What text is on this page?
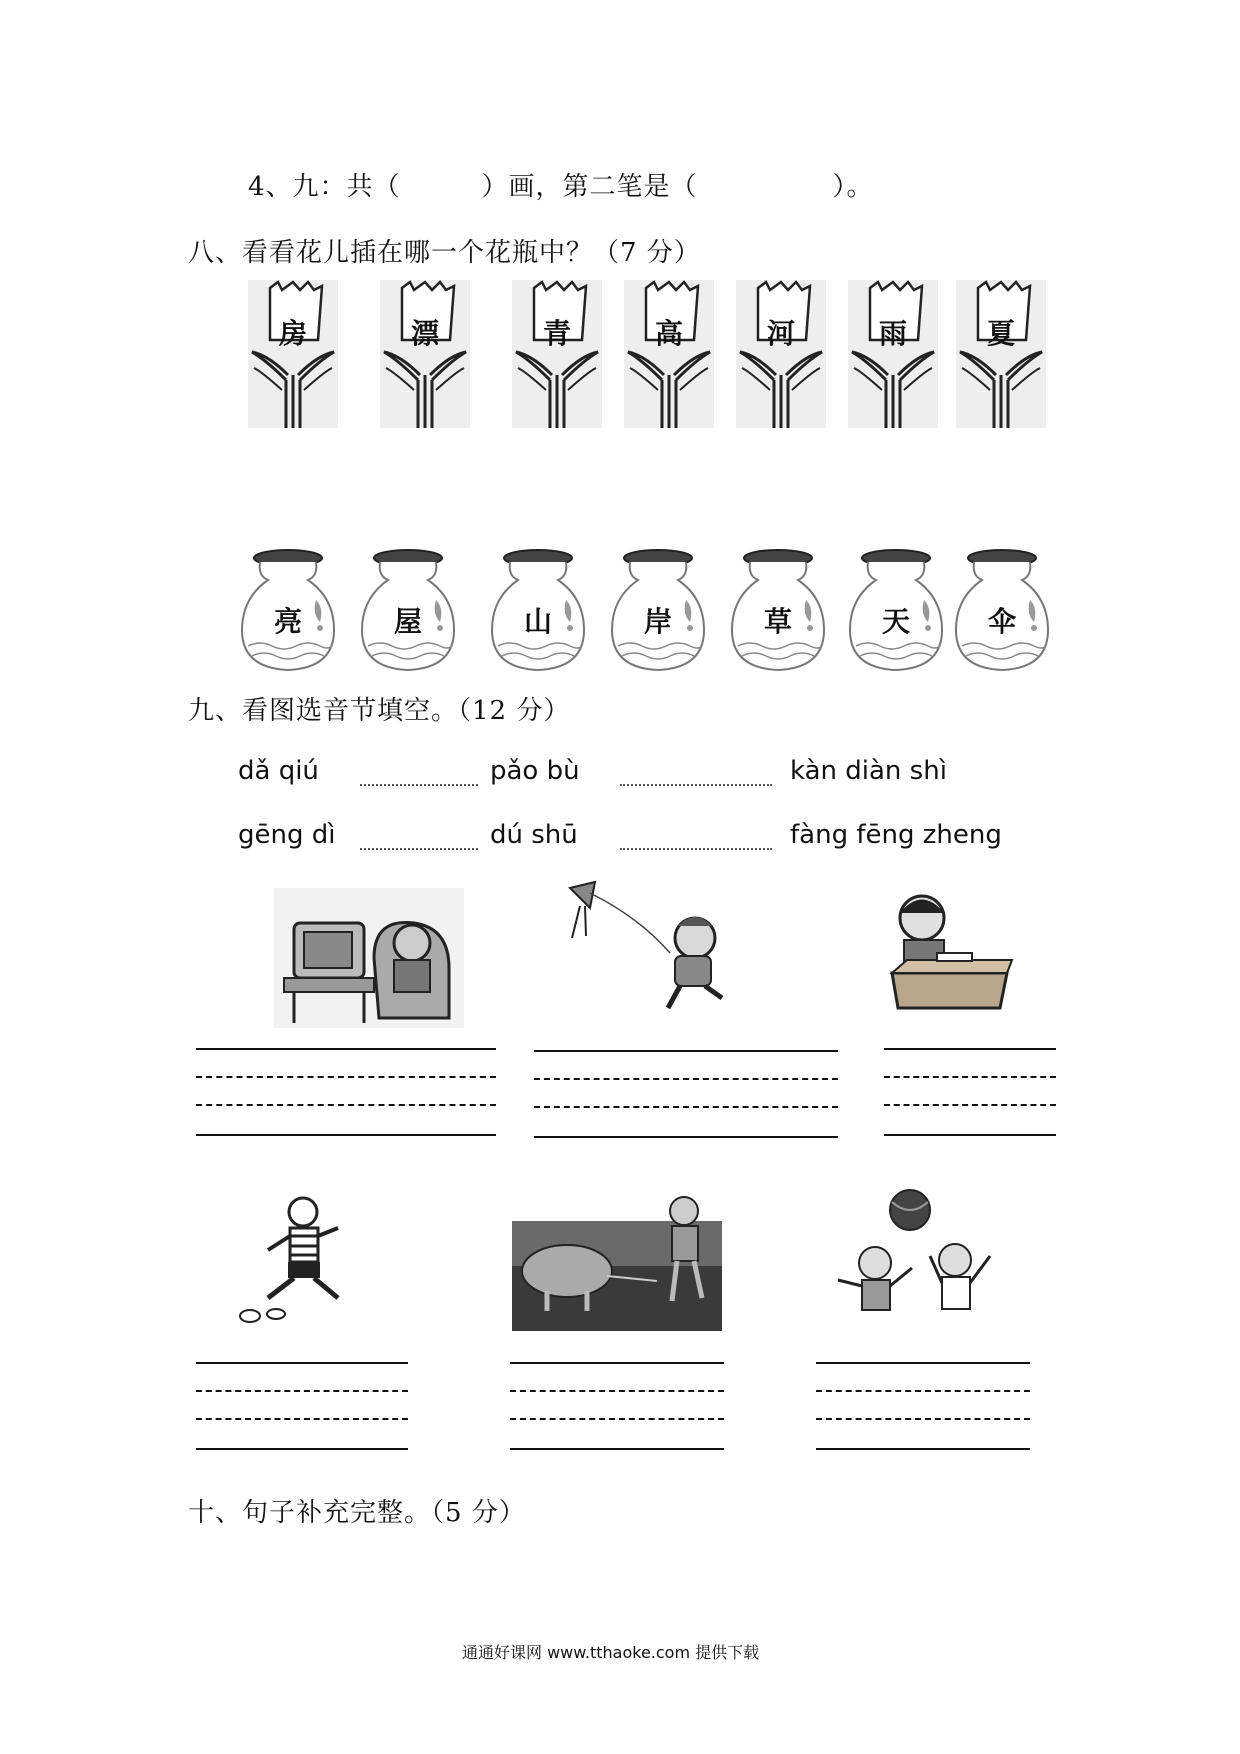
4、九：共（　　　）画，第二笔是（　　　　　）。
八、看看花儿插在哪一个花瓶中？（7 分）
房	漂	青	高	河	雨	夏
亮	屋	山	岸	草	天	伞
九、看图选音节填空。（12 分）
dǎ qiú	pǎo bù	kàn diàn shì
gēng dì	dú shū	fàng fēng zheng
十、句子补充完整。（5 分）
通通好课网 www.tthaoke.com 提供下载
